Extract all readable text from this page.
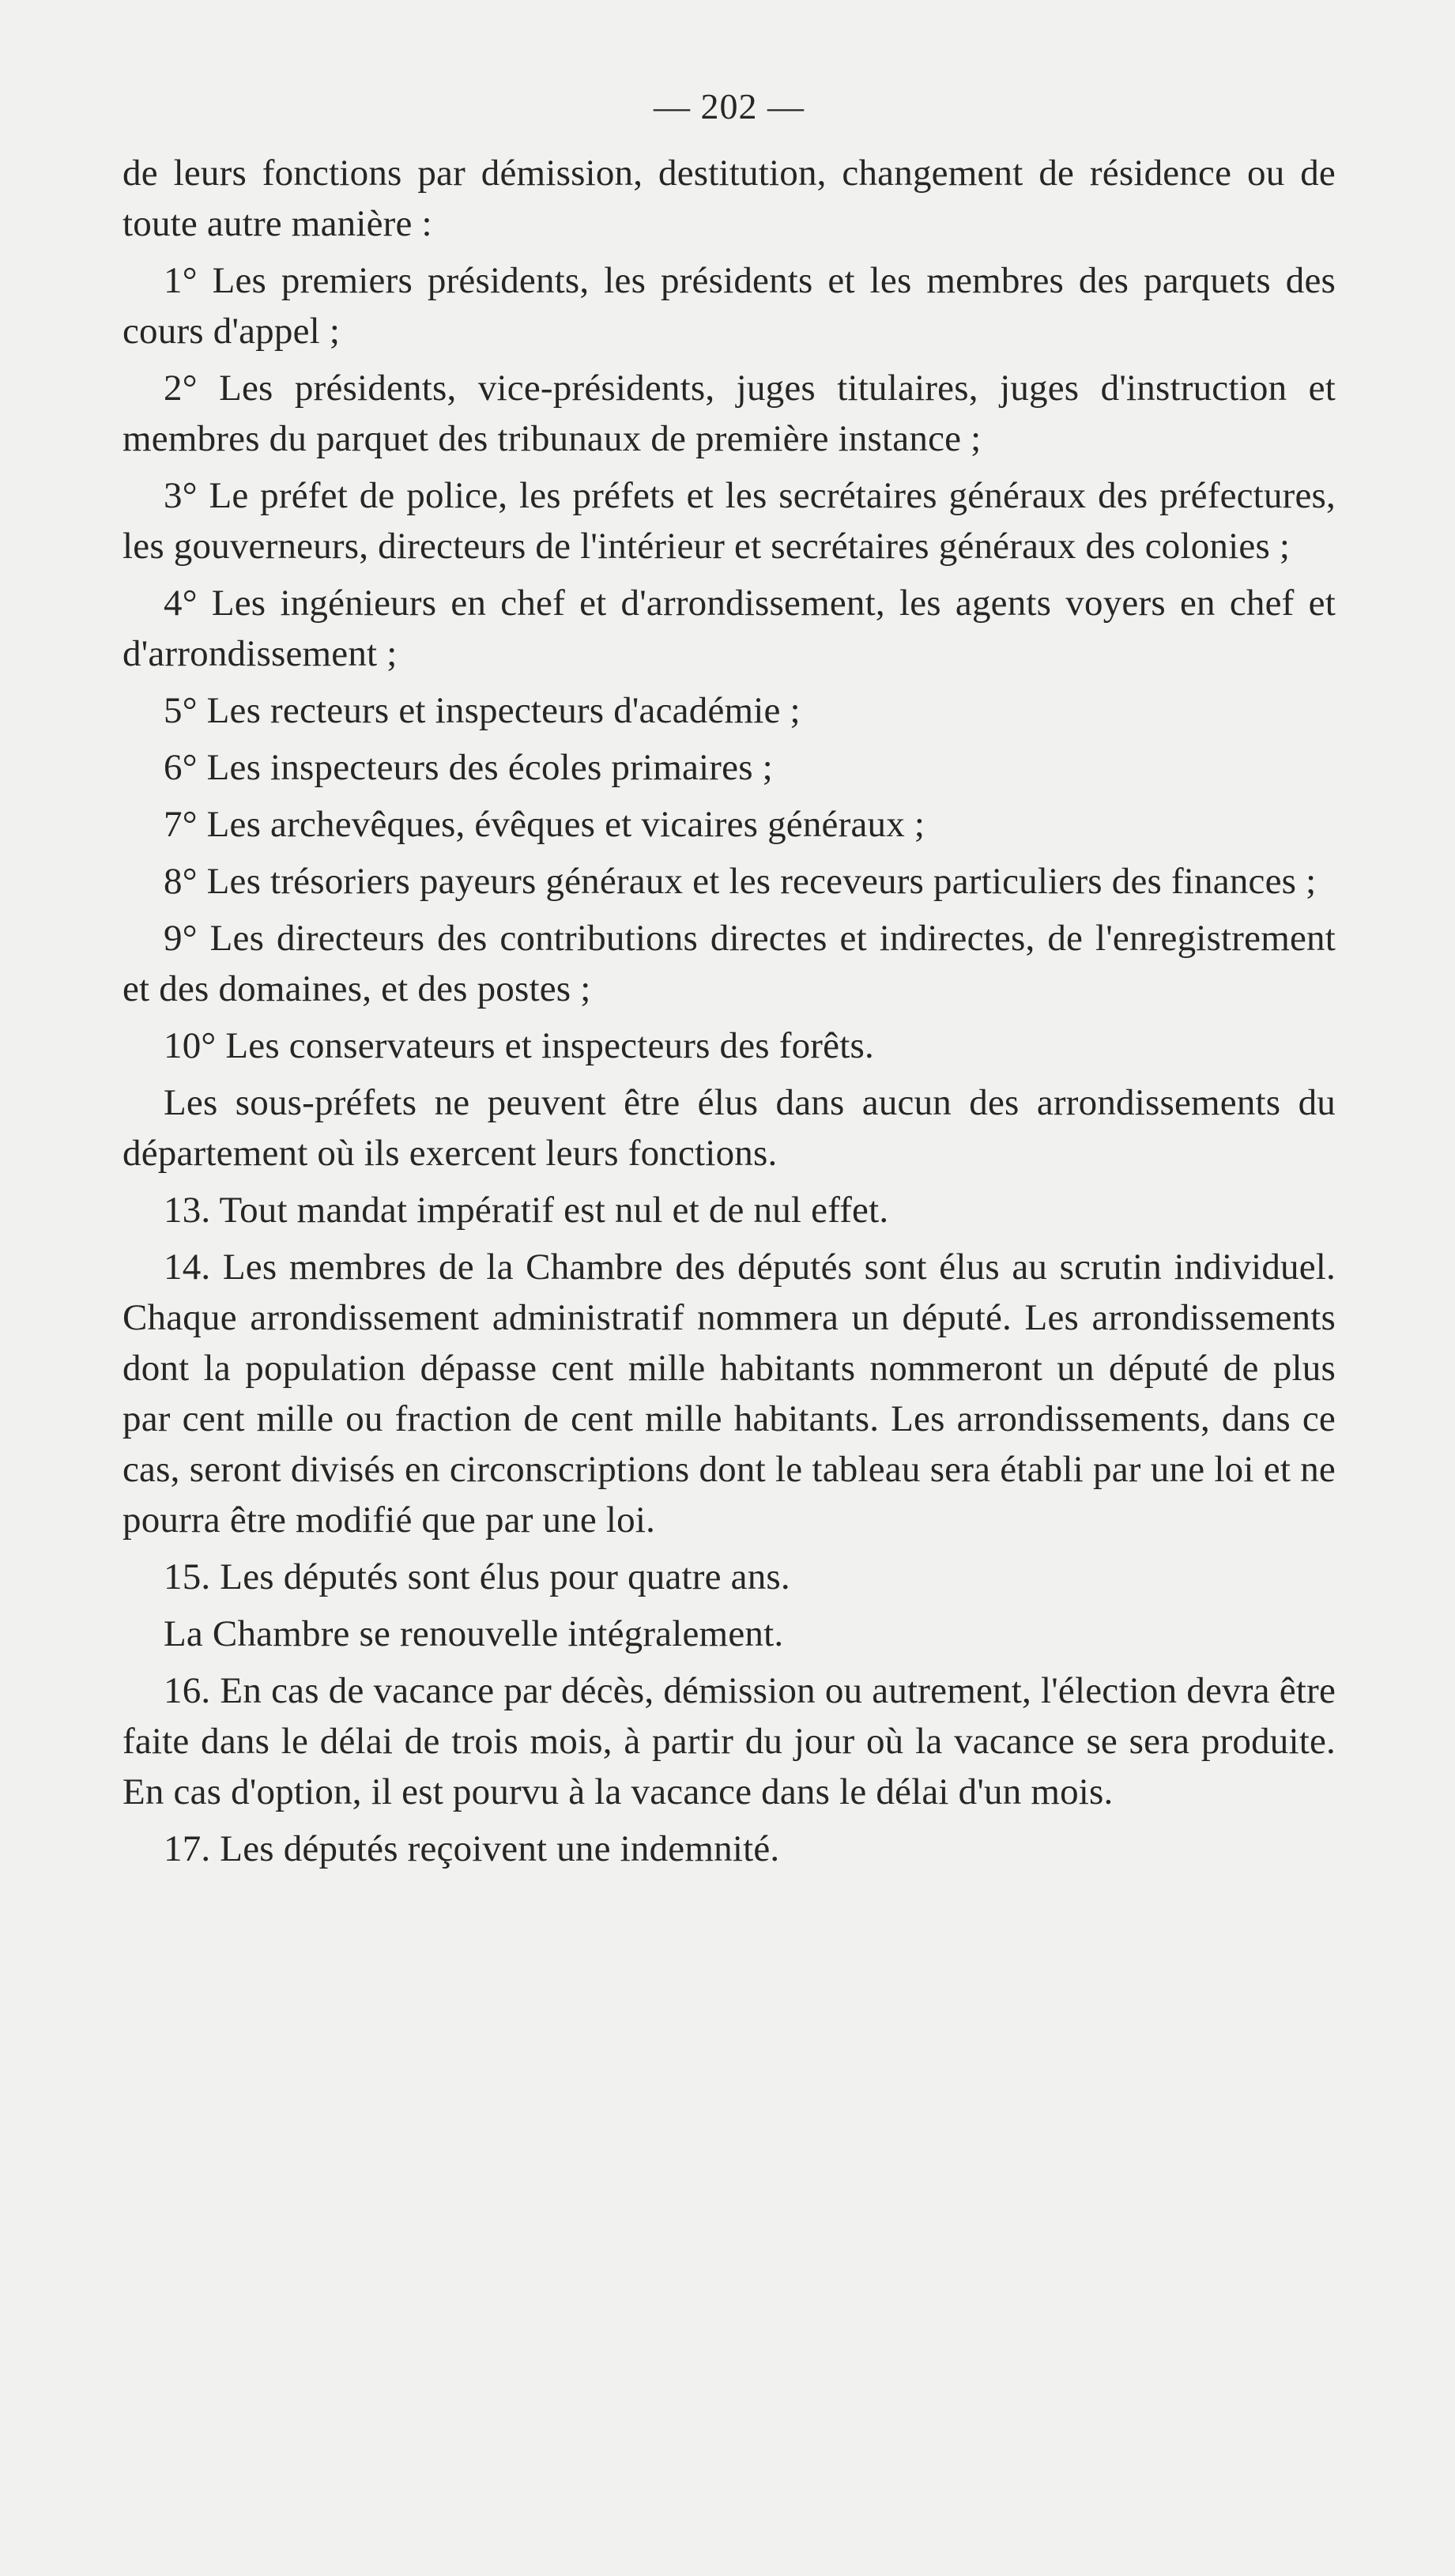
— 202 —

de leurs fonctions par démission, destitution, changement de résidence ou de toute autre manière :

1° Les premiers présidents, les présidents et les membres des parquets des cours d'appel ;

2° Les présidents, vice-présidents, juges titulaires, juges d'instruction et membres du parquet des tribunaux de première instance ;

3° Le préfet de police, les préfets et les secrétaires généraux des préfectures, les gouverneurs, directeurs de l'intérieur et secrétaires généraux des colonies ;

4° Les ingénieurs en chef et d'arrondissement, les agents voyers en chef et d'arrondissement ;

5° Les recteurs et inspecteurs d'académie ;

6° Les inspecteurs des écoles primaires ;

7° Les archevêques, évêques et vicaires généraux ;

8° Les trésoriers payeurs généraux et les receveurs particuliers des finances ;

9° Les directeurs des contributions directes et indirectes, de l'enregistrement et des domaines, et des postes ;

10° Les conservateurs et inspecteurs des forêts.

Les sous-préfets ne peuvent être élus dans aucun des arrondissements du département où ils exercent leurs fonctions.

13. Tout mandat impératif est nul et de nul effet.

14. Les membres de la Chambre des députés sont élus au scrutin individuel. Chaque arrondissement administratif nommera un député. Les arrondissements dont la population dépasse cent mille habitants nommeront un député de plus par cent mille ou fraction de cent mille habitants. Les arrondissements, dans ce cas, seront divisés en circonscriptions dont le tableau sera établi par une loi et ne pourra être modifié que par une loi.

15. Les députés sont élus pour quatre ans.

La Chambre se renouvelle intégralement.

16. En cas de vacance par décès, démission ou autrement, l'élection devra être faite dans le délai de trois mois, à partir du jour où la vacance se sera produite. En cas d'option, il est pourvu à la vacance dans le délai d'un mois.

17. Les députés reçoivent une indemnité.
